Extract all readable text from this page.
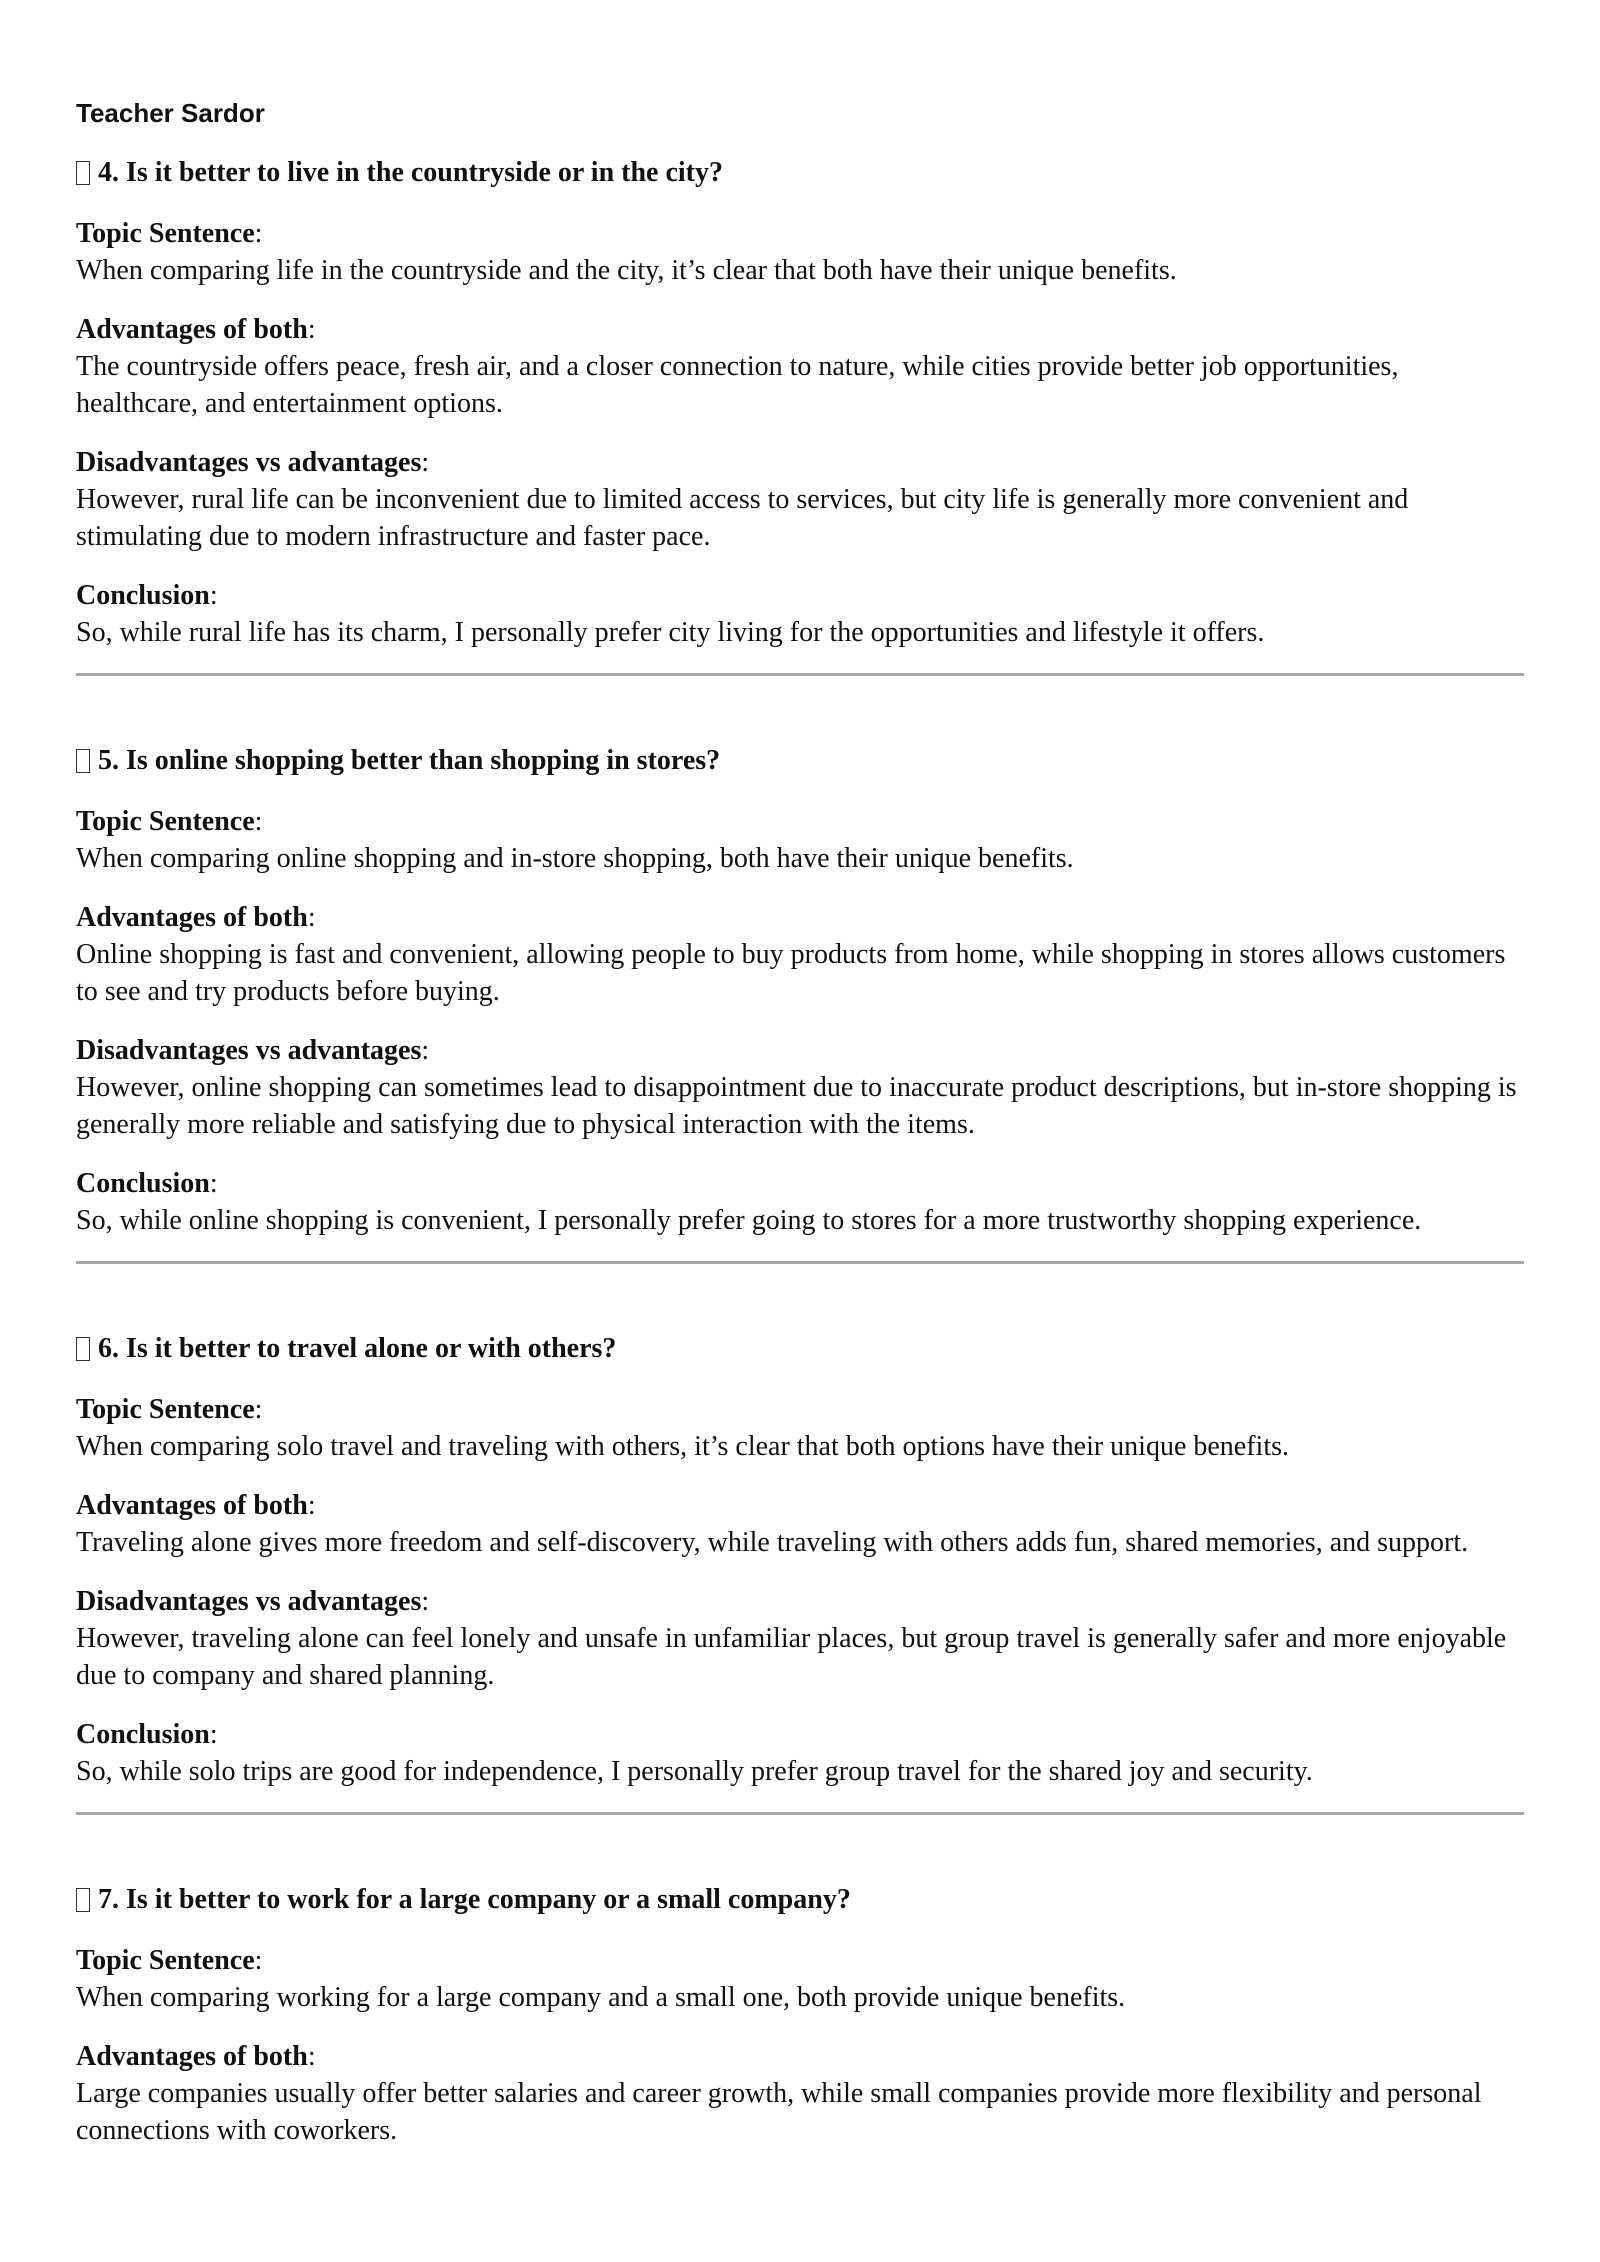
Teacher Sardor
4. Is it better to live in the countryside or in the city?
Topic Sentence:
When comparing life in the countryside and the city, it’s clear that both have their unique benefits.
Advantages of both:
The countryside offers peace, fresh air, and a closer connection to nature, while cities provide better job opportunities, healthcare, and entertainment options.
Disadvantages vs advantages:
However, rural life can be inconvenient due to limited access to services, but city life is generally more convenient and stimulating due to modern infrastructure and faster pace.
Conclusion:
So, while rural life has its charm, I personally prefer city living for the opportunities and lifestyle it offers.
5. Is online shopping better than shopping in stores?
Topic Sentence:
When comparing online shopping and in-store shopping, both have their unique benefits.
Advantages of both:
Online shopping is fast and convenient, allowing people to buy products from home, while shopping in stores allows customers to see and try products before buying.
Disadvantages vs advantages:
However, online shopping can sometimes lead to disappointment due to inaccurate product descriptions, but in-store shopping is generally more reliable and satisfying due to physical interaction with the items.
Conclusion:
So, while online shopping is convenient, I personally prefer going to stores for a more trustworthy shopping experience.
6. Is it better to travel alone or with others?
Topic Sentence:
When comparing solo travel and traveling with others, it’s clear that both options have their unique benefits.
Advantages of both:
Traveling alone gives more freedom and self-discovery, while traveling with others adds fun, shared memories, and support.
Disadvantages vs advantages:
However, traveling alone can feel lonely and unsafe in unfamiliar places, but group travel is generally safer and more enjoyable due to company and shared planning.
Conclusion:
So, while solo trips are good for independence, I personally prefer group travel for the shared joy and security.
7. Is it better to work for a large company or a small company?
Topic Sentence:
When comparing working for a large company and a small one, both provide unique benefits.
Advantages of both:
Large companies usually offer better salaries and career growth, while small companies provide more flexibility and personal connections with coworkers.
